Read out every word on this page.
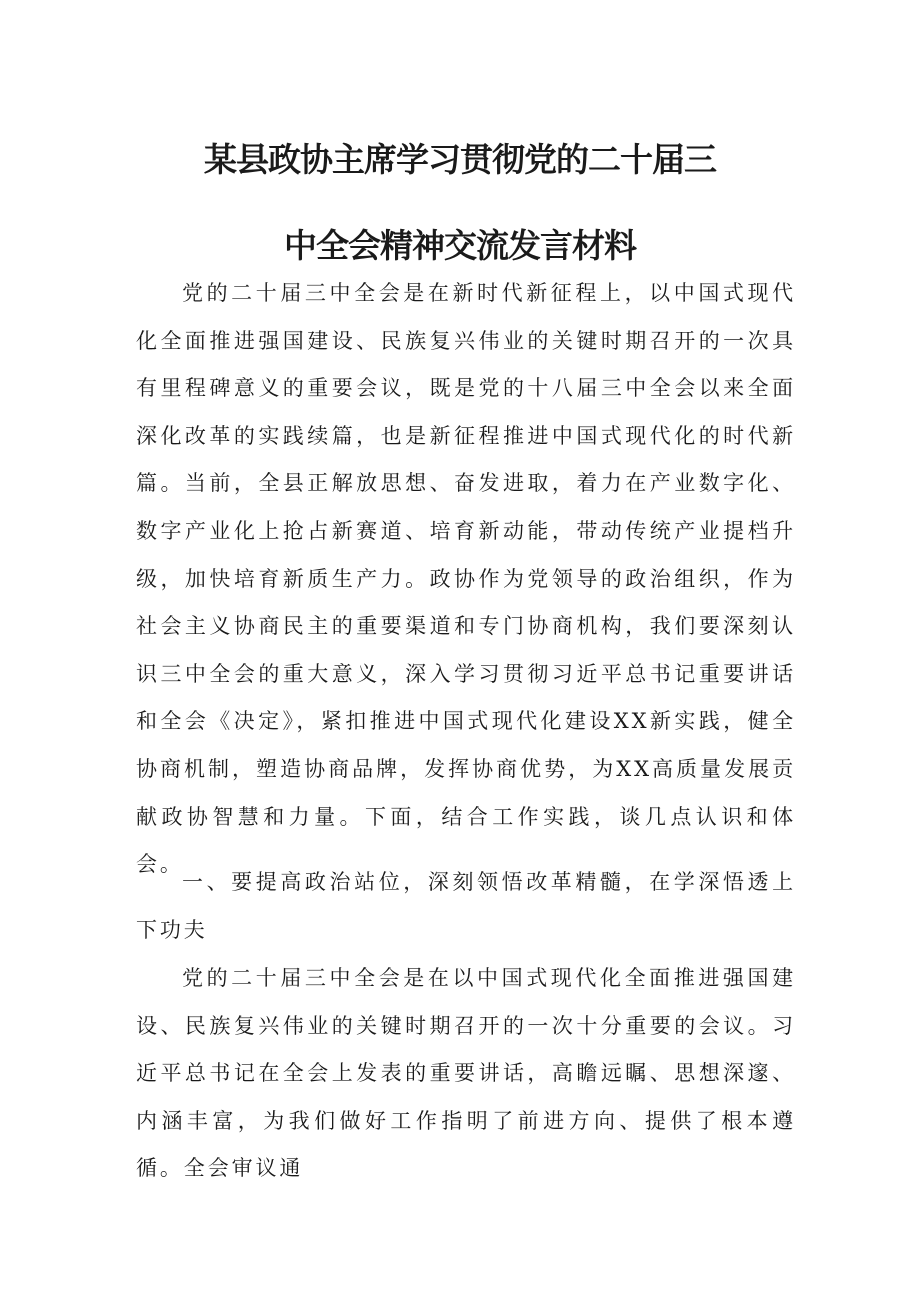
某县政协主席学习贯彻党的二十届三
中全会精神交流发言材料

党的二十届三中全会是在新时代新征程上，以中国式现代化全面推进强国建设、民族复兴伟业的关键时期召开的一次具有里程碑意义的重要会议，既是党的十八届三中全会以来全面深化改革的实践续篇，也是新征程推进中国式现代化的时代新篇。当前，全县正解放思想、奋发进取，着力在产业数字化、数字产业化上抢占新赛道、培育新动能，带动传统产业提档升级，加快培育新质生产力。政协作为党领导的政治组织，作为社会主义协商民主的重要渠道和专门协商机构，我们要深刻认识三中全会的重大意义，深入学习贯彻习近平总书记重要讲话和全会《决定》，紧扣推进中国式现代化建设XX新实践，健全协商机制，塑造协商品牌，发挥协商优势，为XX高质量发展贡献政协智慧和力量。下面，结合工作实践，谈几点认识和体会。

一、要提高政治站位，深刻领悟改革精髓，在学深悟透上下功夫

党的二十届三中全会是在以中国式现代化全面推进强国建设、民族复兴伟业的关键时期召开的一次十分重要的会议。习近平总书记在全会上发表的重要讲话，高瞻远瞩、思想深邃、内涵丰富，为我们做好工作指明了前进方向、提供了根本遵循。全会审议通
